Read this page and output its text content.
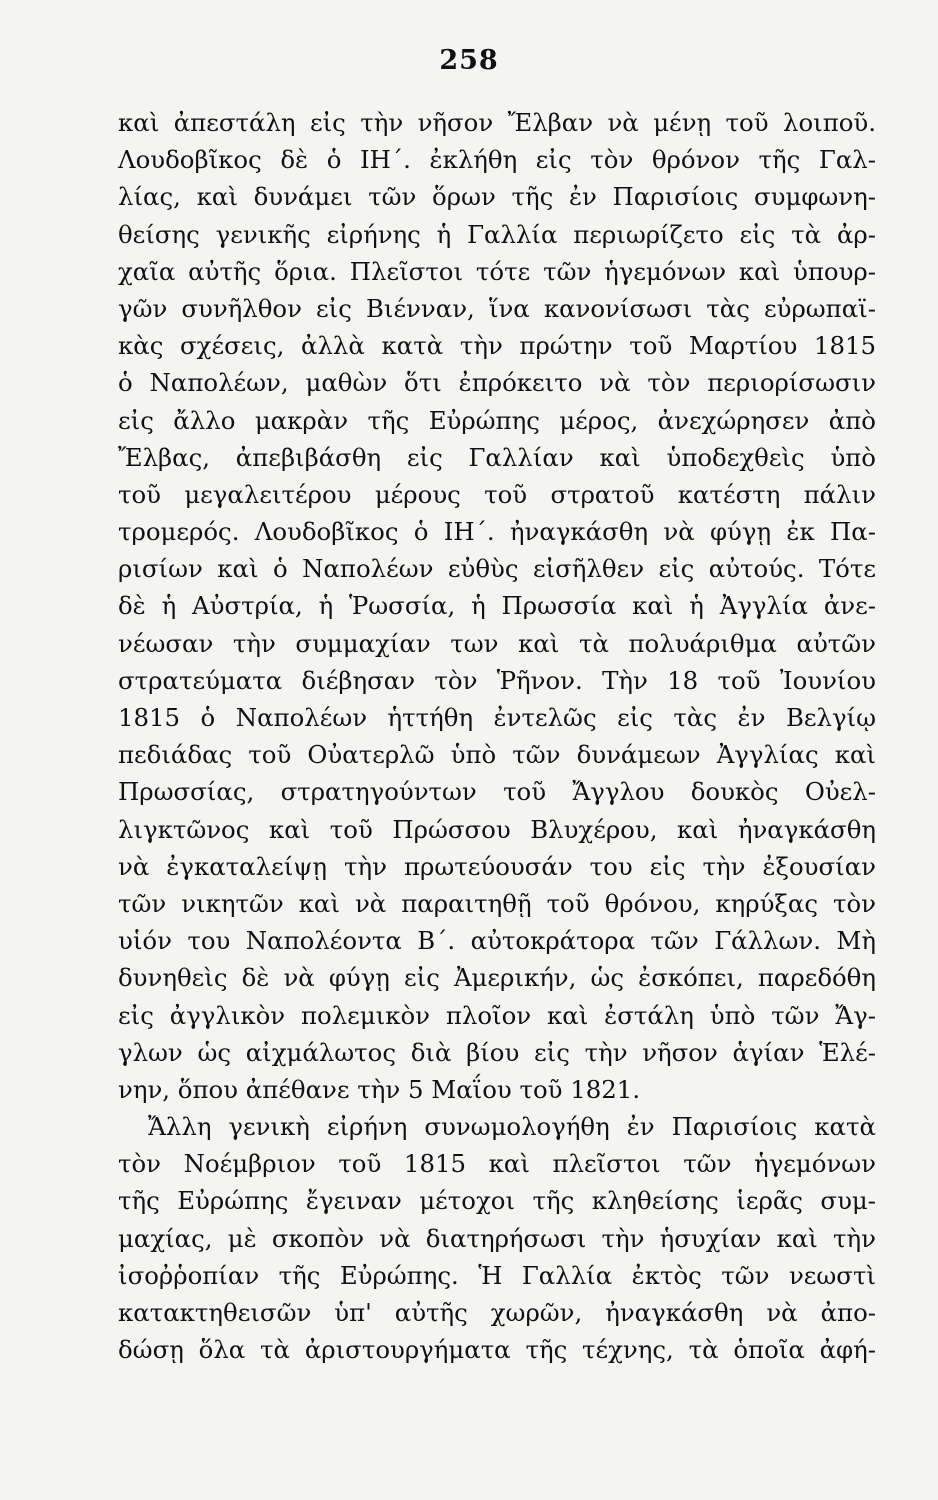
258
καὶ ἀπεστάλη εἰς τὴν νῆσον Ἔλβαν νὰ μένῃ τοῦ λοιποῦ.
Λουδοβῖκος δὲ ὁ ΙΗ΄. ἐκλήθη εἰς τὸν θρόνον τῆς Γαλ-
λίας, καὶ δυνάμει τῶν ὅρων τῆς ἐν Παρισίοις συμφωνη-
θείσης γενικῆς εἰρήνης ἡ Γαλλία περιωρίζετο εἰς τὰ ἀρ-
χαῖα αὐτῆς ὅρια. Πλεῖστοι τότε τῶν ἡγεμόνων καὶ ὑπουρ-
γῶν συνῆλθον εἰς Βιένναν, ἵνα κανονίσωσι τὰς εὐρωπαϊ-
κὰς σχέσεις, ἀλλὰ κατὰ τὴν πρώτην τοῦ Μαρτίου 1815
ὁ Ναπολέων, μαθὼν ὅτι ἐπρόκειτο νὰ τὸν περιορίσωσιν
εἰς ἄλλο μακρὰν τῆς Εὐρώπης μέρος, ἀνεχώρησεν ἀπὸ
Ἔλβας, ἀπεβιβάσθη εἰς Γαλλίαν καὶ ὑποδεχθεὶς ὑπὸ
τοῦ μεγαλειτέρου μέρους τοῦ στρατοῦ κατέστη πάλιν
τρομερός. Λουδοβῖκος ὁ ΙΗ΄. ἠναγκάσθη νὰ φύγῃ ἐκ Πα-
ρισίων καὶ ὁ Ναπολέων εὐθὺς εἰσῆλθεν εἰς αὐτούς. Τότε
δὲ ἡ Αὐστρία, ἡ Ῥωσσία, ἡ Πρωσσία καὶ ἡ Ἀγγλία ἀνε-
νέωσαν τὴν συμμαχίαν των καὶ τὰ πολυάριθμα αὐτῶν
στρατεύματα διέβησαν τὸν Ῥῆνον. Τὴν 18 τοῦ Ἰουνίου
1815 ὁ Ναπολέων ἡττήθη ἐντελῶς εἰς τὰς ἐν Βελγίῳ
πεδιάδας τοῦ Οὐατερλῶ ὑπὸ τῶν δυνάμεων Ἀγγλίας καὶ
Πρωσσίας, στρατηγούντων τοῦ Ἄγγλου δουκὸς Οὐελ-
λιγκτῶνος καὶ τοῦ Πρώσσου Βλυχέρου, καὶ ἠναγκάσθη
νὰ ἐγκαταλείψῃ τὴν πρωτεύουσάν του εἰς τὴν ἐξουσίαν
τῶν νικητῶν καὶ νὰ παραιτηθῇ τοῦ θρόνου, κηρύξας τὸν
υἱόν του Ναπολέοντα Β΄. αὐτοκράτορα τῶν Γάλλων. Μὴ
δυνηθεὶς δὲ νὰ φύγῃ εἰς Ἀμερικήν, ὡς ἐσκόπει, παρεδόθη
εἰς ἀγγλικὸν πολεμικὸν πλοῖον καὶ ἐστάλη ὑπὸ τῶν Ἄγ-
γλων ὡς αἰχμάλωτος διὰ βίου εἰς τὴν νῆσον ἁγίαν Ἑλέ-
νην, ὅπου ἀπέθανε τὴν 5 Μαΐου τοῦ 1821.
Ἄλλη γενικὴ εἰρήνη συνωμολογήθη ἐν Παρισίοις κατὰ
τὸν Νοέμβριον τοῦ 1815 καὶ πλεῖστοι τῶν ἡγεμόνων
τῆς Εὐρώπης ἔγειναν μέτοχοι τῆς κληθείσης ἱερᾶς συμ-
μαχίας, μὲ σκοπὸν νὰ διατηρήσωσι τὴν ἡσυχίαν καὶ τὴν
ἰσοῤῥοπίαν τῆς Εὐρώπης. Ἡ Γαλλία ἐκτὸς τῶν νεωστὶ
κατακτηθεισῶν ὑπ' αὐτῆς χωρῶν, ἠναγκάσθη νὰ ἀπο-
δώσῃ ὅλα τὰ ἀριστουργήματα τῆς τέχνης, τὰ ὁποῖα ἀφή-
